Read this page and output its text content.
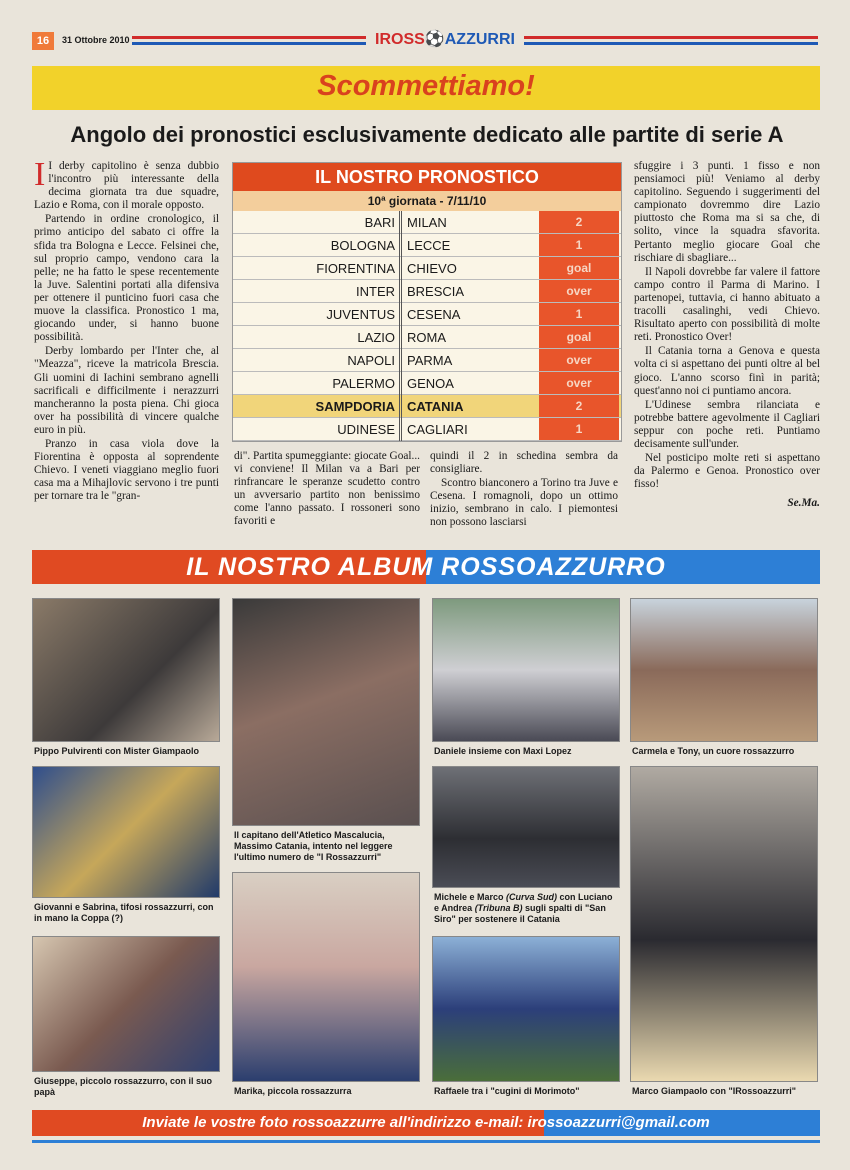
16	31 Ottobre 2010	IROSS⚽AZZURRI
Scommettiamo!
Angolo dei pronostici esclusivamente dedicato alle partite di serie A

I I derby capitolino è senza dubbio l'incontro più interessante della decima giornata tra due squadre, Lazio e Roma, con il morale opposto.

Partendo in ordine cronologico, il primo anticipo del sabato ci offre la sfida tra Bologna e Lecce. Felsinei che, sul proprio campo, vendono cara la pelle; ne ha fatto le spese recentemente la Juve. Salentini portati alla difensiva per ottenere il punticino fuori casa che muove la classifica. Pronostico 1 ma, giocando under, si hanno buone possibilità.

Derby lombardo per l'Inter che, al "Meazza", riceve la matricola Brescia. Gli uomini di Iachini sembrano agnelli sacrificali e difficilmente i nerazzurri mancheranno la posta piena. Chi gioca over ha possibilità di vincere qualche euro in più.

Pranzo in casa viola dove la Fiorentina è opposta al soprendente Chievo. I veneti viaggiano meglio fuori casa ma a Mihajlovic servono i tre punti per tornare tra le "gran-

IL NOSTRO PRONOSTICO
10ª giornata - 7/11/10
BARI MILAN	2
BOLOGNA LECCE	1
FIORENTINA CHIEVO	goal
INTER BRESCIA	over
JUVENTUS CESENA	1
LAZIO ROMA	goal
NAPOLI PARMA	over
PALERMO GENOA	over
SAMPDORIA CATANIA	2
UDINESE CAGLIARI	1

di". Partita spumeggiante: giocate Goal... vi conviene! Il Milan va a Bari per rinfrancare le speranze scudetto contro un avversario partito non benissimo come l'anno passato. I rossoneri sono favoriti e

quindi il 2 in schedina sembra da consigliare.

Scontro bianconero a Torino tra Juve e Cesena. I romagnoli, dopo un ottimo inizio, sembrano in calo. I piemontesi non possono lasciarsi

sfuggire i 3 punti. 1 fisso e non pensiamoci più! Veniamo al derby capitolino. Seguendo i suggerimenti del campionato dovremmo dire Lazio piuttosto che Roma ma si sa che, di solito, vince la squadra sfavorita. Pertanto meglio giocare Goal che rischiare di sbagliare...

Il Napoli dovrebbe far valere il fattore campo contro il Parma di Marino. I partenopei, tuttavia, ci hanno abituato a tracolli casalinghi, vedi Chievo. Risultato aperto con possibilità di molte reti. Pronostico Over!

Il Catania torna a Genova e questa volta ci si aspettano dei punti oltre al bel gioco. L'anno scorso finì in parità; quest'anno noi ci puntiamo ancora.

L'Udinese sembra rilanciata e potrebbe battere agevolmente il Cagliari seppur con poche reti. Puntiamo decisamente sull'under.

Nel posticipo molte reti si aspettano da Palermo e Genoa. Pronostico over fisso!

Se.Ma.
IL NOSTRO ALBUM ROSSOAZZURRO
Pippo Pulvirenti con Mister Giampaolo
Il capitano dell'Atletico Mascalucia, Massimo Catania, intento nel leggere l'ultimo numero de "I Rossazzurri"
Daniele insieme con Maxi Lopez	Carmela e Tony, un cuore rossazzurro
Giovanni e Sabrina, tifosi rossazzurri, con in mano la Coppa (?)
Michele e Marco (Curva Sud) con Luciano e Andrea (Tribuna B) sugli spalti di "San Siro" per sostenere il Catania
Marco Giampaolo con "IRossoazzurri"
Marika, piccola rossazzurra
Giuseppe, piccolo rossazzurro, con il suo papà	Raffaele tra i "cugini di Morimoto"
Inviate le vostre foto rossoazzurre all'indirizzo e-mail: irossoazzurri@gmail.com
